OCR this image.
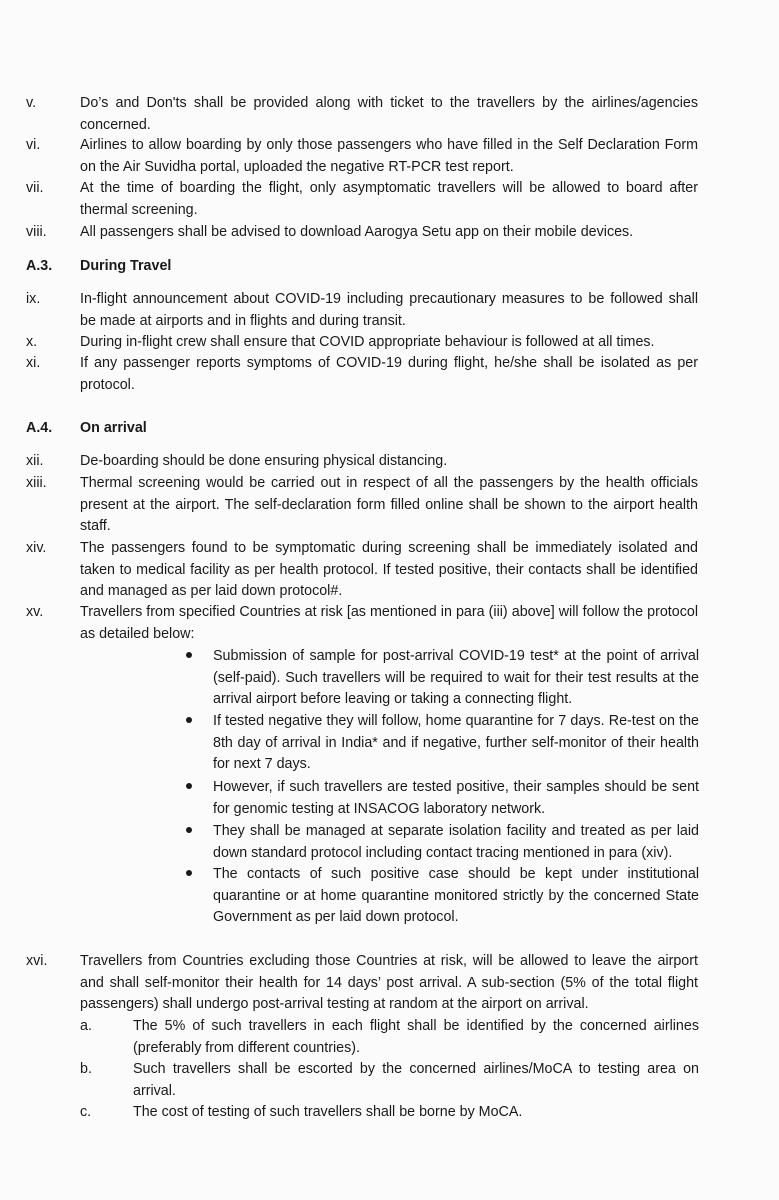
v.	Do’s and Don'ts shall be provided along with ticket to the travellers by the airlines/agencies concerned.
vi.	Airlines to allow boarding by only those passengers who have filled in the Self Declaration Form on the Air Suvidha portal, uploaded the negative RT-PCR test report.
vii.	At the time of boarding the flight, only asymptomatic travellers will be allowed to board after thermal screening.
viii. All passengers shall be advised to download Aarogya Setu app on their mobile devices.
A.3. During Travel
ix.	In-flight announcement about COVID-19 including precautionary measures to be followed shall be made at airports and in flights and during transit.
x.	During in-flight crew shall ensure that COVID appropriate behaviour is followed at all times.
xi.	If any passenger reports symptoms of COVID-19 during flight, he/she shall be isolated as per protocol.
A.4. On arrival
xii.	De-boarding should be done ensuring physical distancing.
xiii. Thermal screening would be carried out in respect of all the passengers by the health officials present at the airport. The self-declaration form filled online shall be shown to the airport health staff.
xiv. The passengers found to be symptomatic during screening shall be immediately isolated and taken to medical facility as per health protocol. If tested positive, their contacts shall be identified and managed as per laid down protocol#.
xv.	Travellers from specified Countries at risk [as mentioned in para (iii) above] will follow the protocol as detailed below:
Submission of sample for post-arrival COVID-19 test* at the point of arrival (self-paid). Such travellers will be required to wait for their test results at the arrival airport before leaving or taking a connecting flight.
If tested negative they will follow, home quarantine for 7 days. Re-test on the 8th day of arrival in India* and if negative, further self-monitor of their health for next 7 days.
However, if such travellers are tested positive, their samples should be sent for genomic testing at INSACOG laboratory network.
They shall be managed at separate isolation facility and treated as per laid down standard protocol including contact tracing mentioned in para (xiv).
The contacts of such positive case should be kept under institutional quarantine or at home quarantine monitored strictly by the concerned State Government as per laid down protocol.
xvi. Travellers from Countries excluding those Countries at risk, will be allowed to leave the airport and shall self-monitor their health for 14 days’ post arrival. A sub-section (5% of the total flight passengers) shall undergo post-arrival testing at random at the airport on arrival.
a.	The 5% of such travellers in each flight shall be identified by the concerned airlines (preferably from different countries).
b.	Such travellers shall be escorted by the concerned airlines/MoCA to testing area on arrival.
c.	The cost of testing of such travellers shall be borne by MoCA.
